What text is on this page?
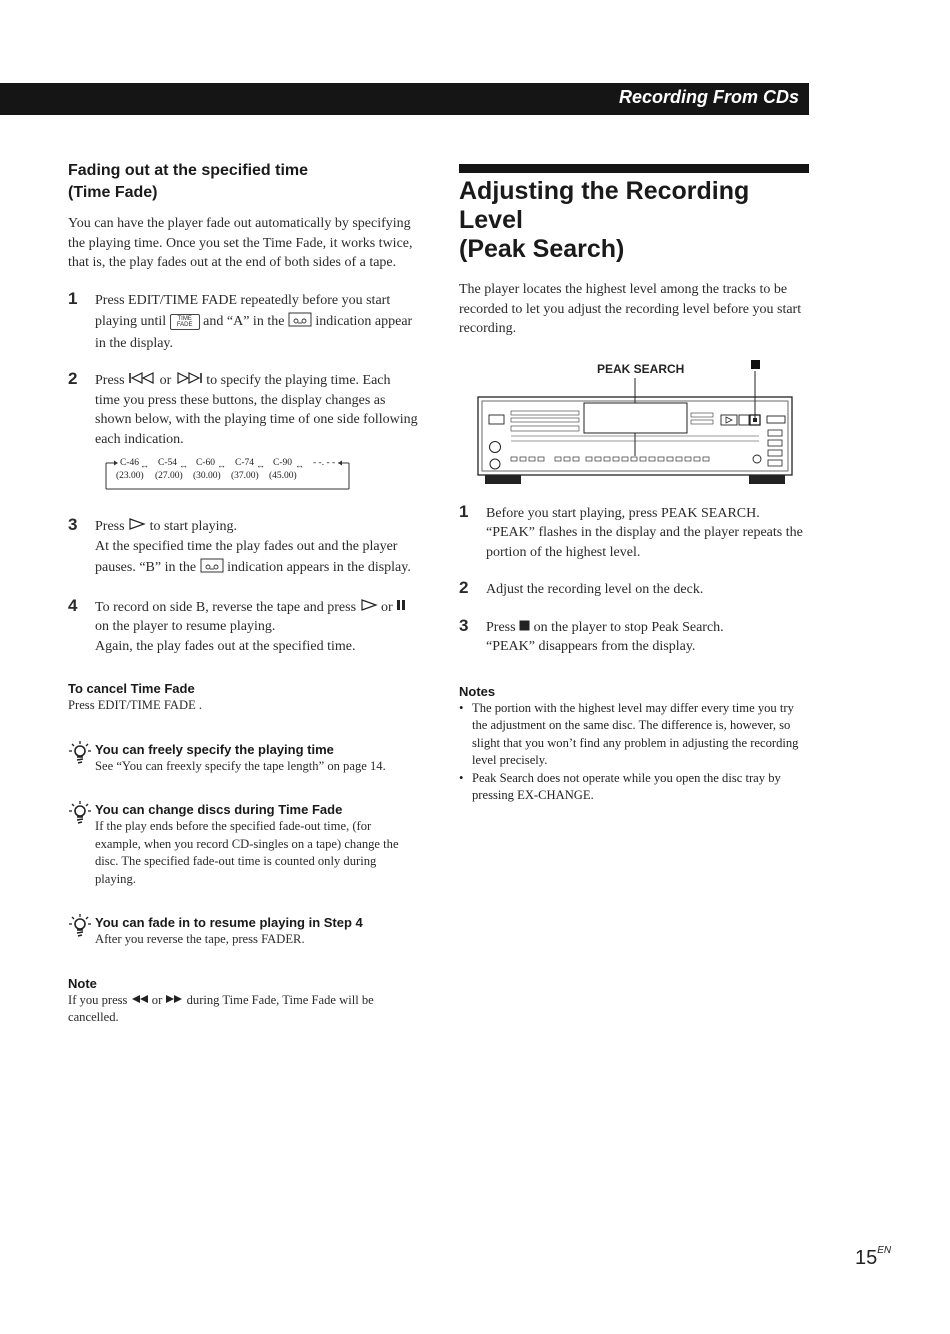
Recording From CDs
Fading out at the specified time
(Time Fade)

You can have the player fade out automatically by specifying the playing time. Once you set the Time Fade, it works twice, that is, the play fades out at the end of both sides of a tape.

1 Press EDIT/TIME FADE repeatedly before you start playing until TIME
FADE and “A” in the indication appear in the display.
2 Press	or	to specify the playing time. Each time you press these buttons, the display changes as shown below, with the playing time of one side following each indication.
C-46 C-54 C-60 C-74 C-90 - -. - -
↔	↔	↔	↔	↔
(23.00) (27.00) (30.00) (37.00) (45.00)
3 Press to start playing.
At the specified time the play fades out and the player pauses. “B” in the indication appears in the display.
4 To record on side B, reverse the tape and press or  on the player to resume playing.
Again, the play fades out at the specified time.
To cancel Time Fade
Press EDIT/TIME FADE .
You can freely specify the playing time
See “You can freexly specify the tape length” on page 14.
You can change discs during Time Fade
If the play ends before the specified fade-out time, (for example, when you record CD-singles on a tape) change the disc. The specified fade-out time is counted only during playing.
You can fade in to resume playing in Step 4
After you reverse the tape, press FADER.
Note
If you press or during Time Fade, Time Fade will be cancelled.
Adjusting the Recording Level
(Peak Search)

The player locates the highest level among the tracks to be recorded to let you adjust the recording level before you start recording.

PEAK SEARCH
1 Before you start playing, press PEAK SEARCH. “PEAK” flashes in the display and the player repeats the portion of the highest level.
2 Adjust the recording level on the deck.
3 Press on the player to stop Peak Search.
“PEAK” disappears from the display.
Notes
• The portion with the highest level may differ every time you try the adjustment on the same disc. The difference is, however, so slight that you won’t find any problem in adjusting the recording level precisely.
• Peak Search does not operate while you open the disc tray by pressing EX-CHANGE.
$15^{EN}$
